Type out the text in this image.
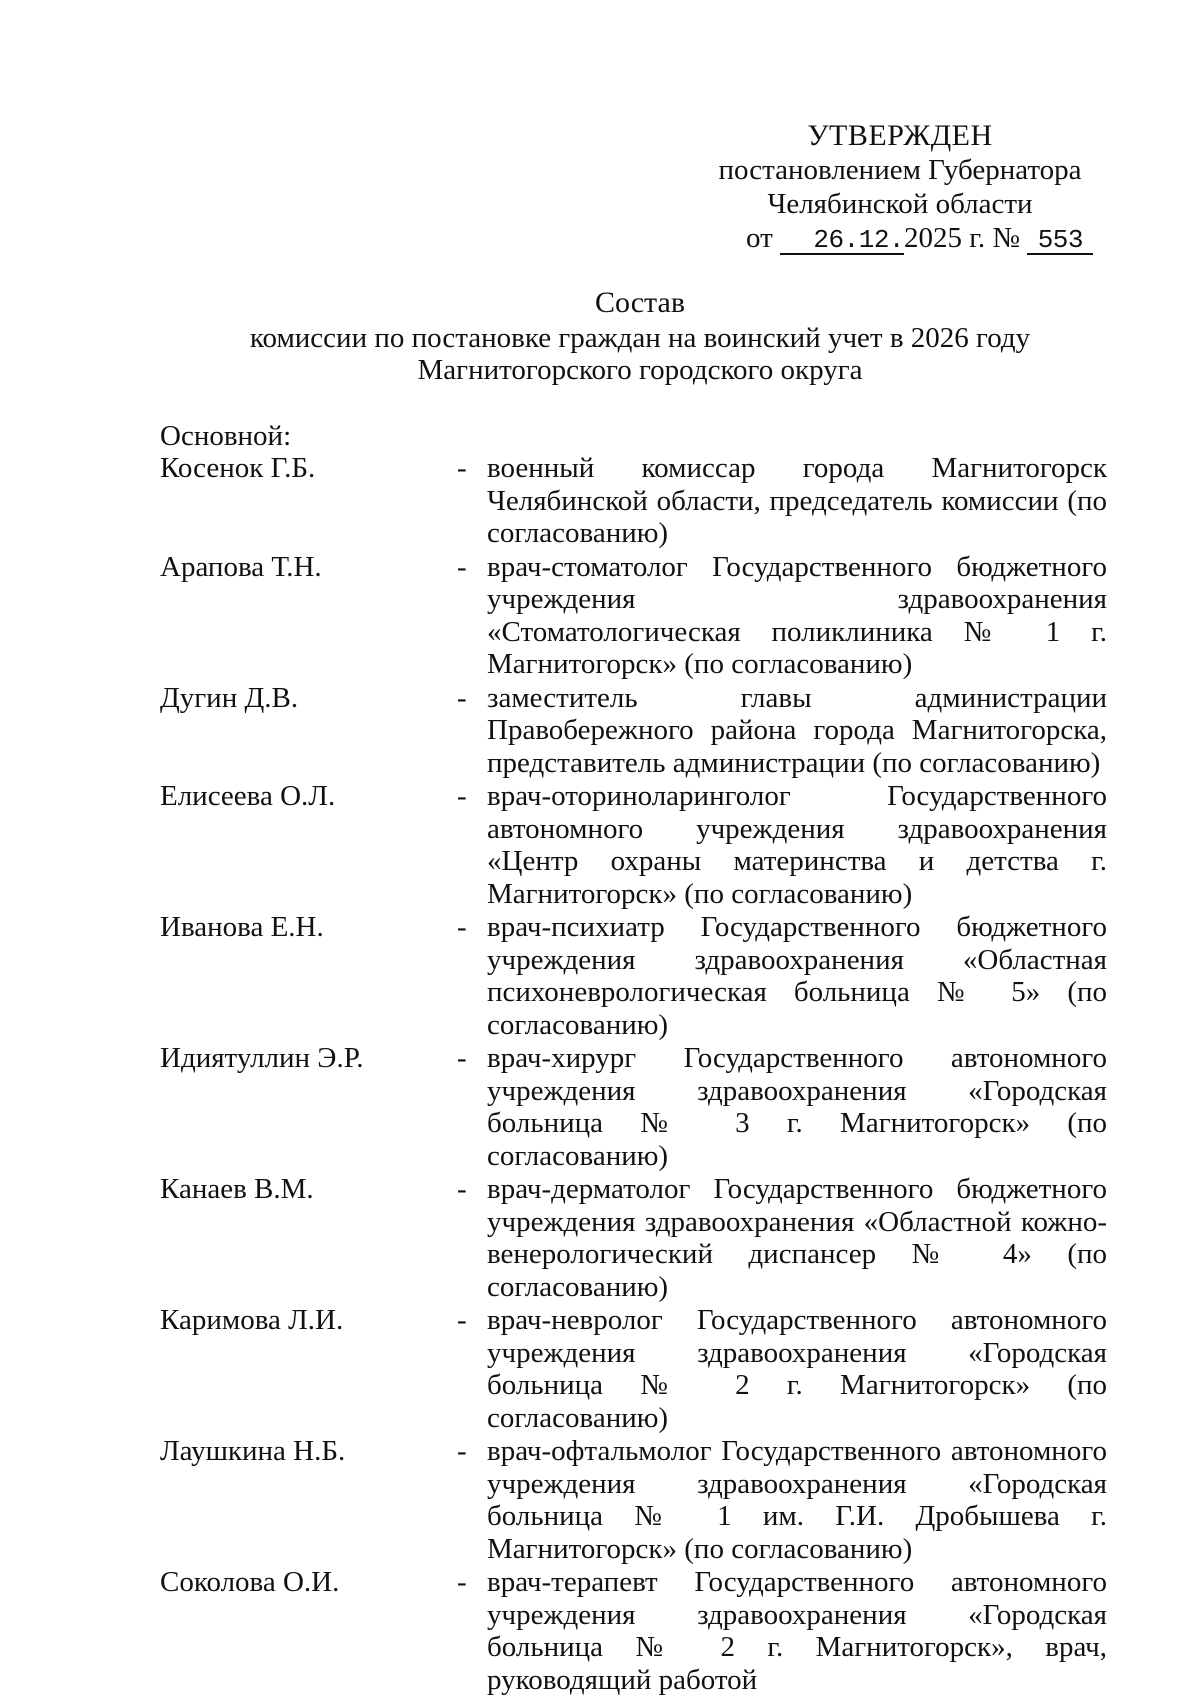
УТВЕРЖДЕН
постановлением Губернатора
Челябинской области
от 26.12.2025 г. № 553
Состав
комиссии по постановке граждан на воинский учет в 2026 году
Магнитогорского городского округа
Основной:
Косенок Г.Б.	- военный комиссар города Магнитогорск Челябинской области, председатель комиссии (по согласованию)
Арапова Т.Н.	- врач-стоматолог Государственного бюджетного учреждения здравоохранения «Стоматологическая поликлиника № 1 г. Магнитогорск» (по согласованию)
Дугин Д.В.	- заместитель главы администрации Правобережного района города Магнитогорска, представитель администрации (по согласованию)
Елисеева О.Л.	- врач-оториноларинголог Государственного автономного учреждения здравоохранения «Центр охраны материнства и детства г. Магнитогорск» (по согласованию)
Иванова Е.Н.	- врач-психиатр Государственного бюджетного учреждения здравоохранения «Областная психоневрологическая больница № 5» (по согласованию)
Идиятуллин Э.Р.	- врач-хирург Государственного автономного учреждения здравоохранения «Городская больница № 3 г. Магнитогорск» (по согласованию)
Канаев В.М.	- врач-дерматолог Государственного бюджетного учреждения здравоохранения «Областной кожно-венерологический диспансер № 4» (по согласованию)
Каримова Л.И.	- врач-невролог Государственного автономного учреждения здравоохранения «Городская больница № 2 г. Магнитогорск» (по согласованию)
Лаушкина Н.Б.	- врач-офтальмолог Государственного автономного учреждения здравоохранения «Городская больница № 1 им. Г.И. Дробышева г. Магнитогорск» (по согласованию)
Соколова О.И.	- врач-терапевт Государственного автономного учреждения здравоохранения «Городская больница № 2 г. Магнитогорск», врач, руководящий работой
